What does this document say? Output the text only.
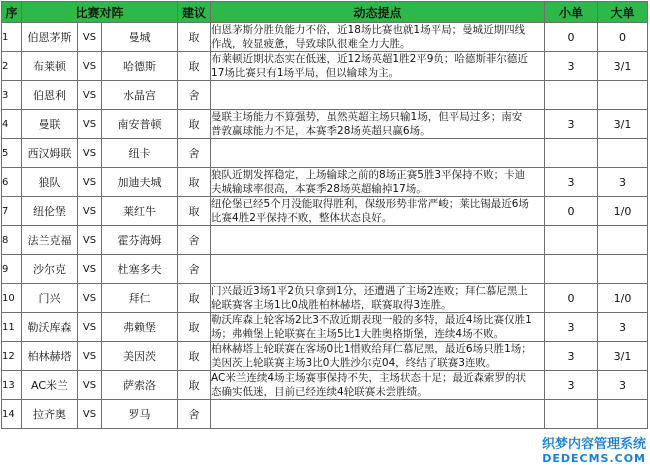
序	比赛对阵			建议	动态提点	小单	大单
1	伯恩茅斯	VS	曼城	取	伯恩茅斯分胜负能力不俗，近18场比赛也就1场平局；曼城近期四线
作战，较显疲惫，导致球队很难全力大胜。	0	0
2	布莱顿	VS	哈德斯	取	布莱顿近期状态实在低迷，近12场英超1胜2平9负；哈德斯菲尔德近
17场比赛只有1场平局，但以输球为主。	3	3/1
3	伯恩利	VS	水晶宫	舍			
4	曼联	VS	南安普顿	取	曼联主场能力不算强势，虽然英超主场只输1场，但平局过多；南安
普敦赢球能力不足，本赛季28场英超只赢6场。	3	3/1
5	西汉姆联	VS	纽卡	舍			
6	狼队	VS	加迪夫城	取	狼队近期发挥稳定，上场输球之前的8场正赛5胜3平保持不败；卡迪
夫城输球率很高，本赛季28场英超输掉17场。	3	3
7	纽伦堡	VS	莱红牛	取	纽伦堡已经5个月没能取得胜利，保级形势非常严峻；莱比锡最近6场
比赛4胜2平保持不败，整体状态良好。	0	1/0
8	法兰克福	VS	霍芬海姆	舍			
9	沙尔克	VS	杜塞多夫	舍			
10	门兴	VS	拜仁	取	门兴最近3场1平2负只拿到1分，还遭遇了主场2连败；拜仁慕尼黑上
轮联赛客主场1比0战胜柏林赫塔，联赛取得3连胜。	0	1/0
11	勒沃库森	VS	弗赖堡	取	勒沃库森上轮客场2比3不敌近期表现一般的多特，最近4场比赛仅胜1
场；弗赖堡上轮联赛在主场5比1大胜奥格斯堡，连续4场不败。	3	3
12	柏林赫塔	VS	美因茨	取	柏林赫塔上轮联赛在客场0比1惜败给拜仁慕尼黑，最近6场只胜1场；
美因茨上轮联赛主场3比0大胜沙尔克04，终结了联赛3连败。	3	3/1
13	AC米兰	VS	萨索洛	取	AC米兰连续4场主场赛事保持不失，主场状态十足；最近森索罗的状
态确实低迷，目前已经连续4轮联赛未尝胜绩。	3	3
14	拉齐奥	VS	罗马	舍			
织梦内容管理系统
DEDECMS.COM
